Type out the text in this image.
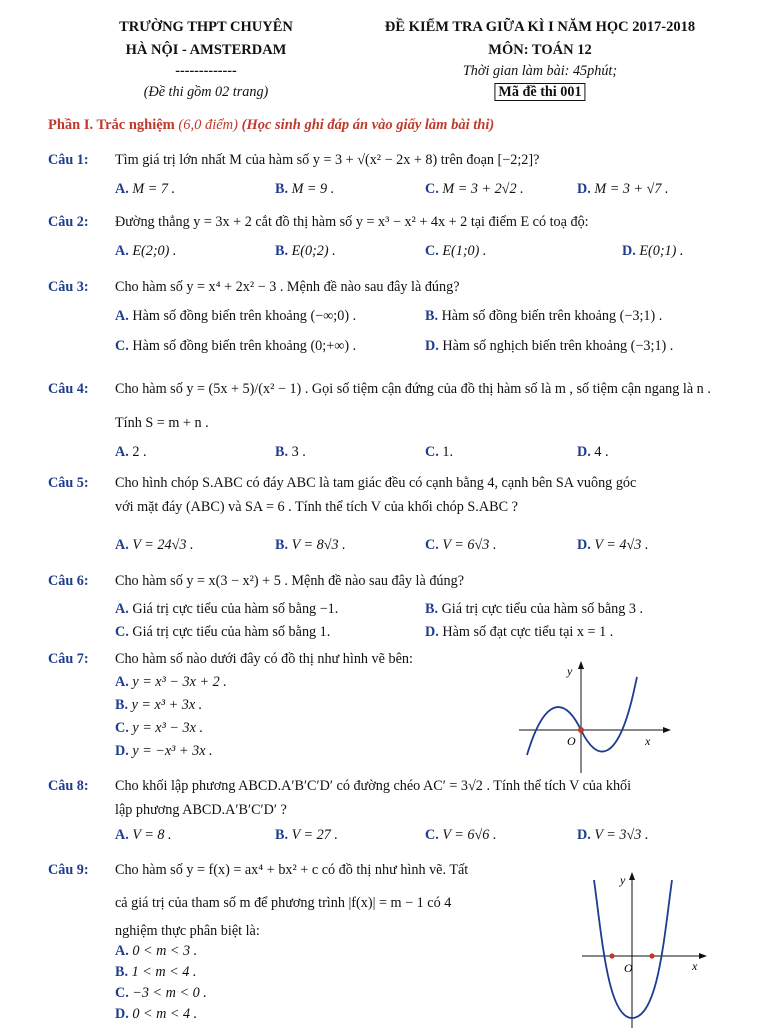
TRƯỜNG THPT CHUYÊN
HÀ NỘI - AMSTERDAM
-------------
(Đề thi gồm 02 trang)
ĐỀ KIỂM TRA GIỮA KÌ I NĂM HỌC 2017-2018
MÔN: TOÁN 12
Thời gian làm bài: 45phút;
Mã đề thi 001
Phần I. Trắc nghiệm (6,0 điểm) (Học sinh ghi đáp án vào giấy làm bài thi)
Câu 1: Tìm giá trị lớn nhất M của hàm số y = 3 + √(x² − 2x + 8) trên đoạn [−2;2]?
A. M = 7 .	B. M = 9 .	C. M = 3 + 2√2 .	D. M = 3 + √7 .
Câu 2: Đường thẳng y = 3x + 2 cắt đồ thị hàm số y = x³ − x² + 4x + 2 tại điểm E có toạ độ:
A. E(2;0) .	B. E(0;2) .	C. E(1;0) .	D. E(0;1) .
Câu 3: Cho hàm số y = x⁴ + 2x² − 3 . Mệnh đề nào sau đây là đúng?
A. Hàm số đồng biến trên khoảng (−∞;0) .	B. Hàm số đồng biến trên khoảng (−3;1) .
C. Hàm số đồng biến trên khoảng (0;+∞) .	D. Hàm số nghịch biến trên khoảng (−3;1) .
Câu 4: Cho hàm số y = (5x + 5)/(x² − 1) . Gọi số tiệm cận đứng của đồ thị hàm số là m , số tiệm cận ngang là n .
Tính S = m + n .
A. 2 .	B. 3 .	C. 1.	D. 4 .
Câu 5: Cho hình chóp S.ABC có đáy ABC là tam giác đều có cạnh bằng 4, cạnh bên SA vuông góc
với mặt đáy (ABC) và SA = 6 . Tính thể tích V của khối chóp S.ABC ?
A. V = 24√3 .	B. V = 8√3 .	C. V = 6√3 .	D. V = 4√3 .
Câu 6: Cho hàm số y = x(3 − x²) + 5 . Mệnh đề nào sau đây là đúng?
A. Giá trị cực tiểu của hàm số bằng −1.	B. Giá trị cực tiểu của hàm số bằng 3 .
C. Giá trị cực tiểu của hàm số bằng 1.	D. Hàm số đạt cực tiểu tại x = 1 .
Câu 7: Cho hàm số nào dưới đây có đồ thị như hình vẽ bên:
A. y = x³ − 3x + 2 .
B. y = x³ + 3x .
C. y = x³ − 3x .
D. y = −x³ + 3x .
y
x
O
Câu 8: Cho khối lập phương ABCD.A′B′C′D′ có đường chéo AC′ = 3√2 . Tính thể tích V của khối
lập phương ABCD.A′B′C′D′ ?
A. V = 8 .	B. V = 27 .	C. V = 6√6 .	D. V = 3√3 .
Câu 9: Cho hàm số y = f(x) = ax⁴ + bx² + c có đồ thị như hình vẽ. Tất
cả giá trị của tham số m để phương trình |f(x)| = m − 1 có 4
nghiệm thực phân biệt là:
A. 0 < m < 3 .
B. 1 < m < 4 .
C. −3 < m < 0 .
D. 0 < m < 4 .
y
x
O
